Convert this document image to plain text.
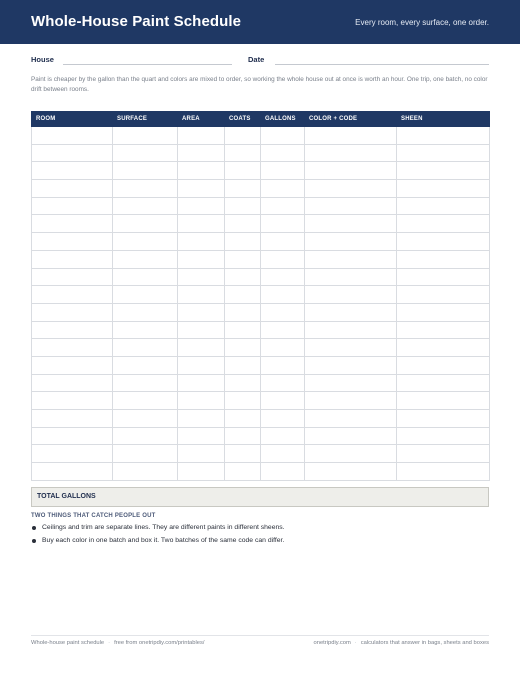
Whole-House Paint Schedule	Every room, every surface, one order.
House	Date
Paint is cheaper by the gallon than the quart and colors are mixed to order, so working the whole house out at once is worth an hour. One trip, one batch, no color drift between rooms.
ROOM	SURFACE	AREA	COATS	GALLONS	COLOR + CODE	SHEEN

TOTAL GALLONS
TWO THINGS THAT CATCH PEOPLE OUT
Ceilings and trim are separate lines. They are different paints in different sheens.
Buy each color in one batch and box it. Two batches of the same code can differ.
Whole-house paint schedule · free from onetripdiy.com/printables/	onetripdiy.com · calculators that answer in bags, sheets and boxes
